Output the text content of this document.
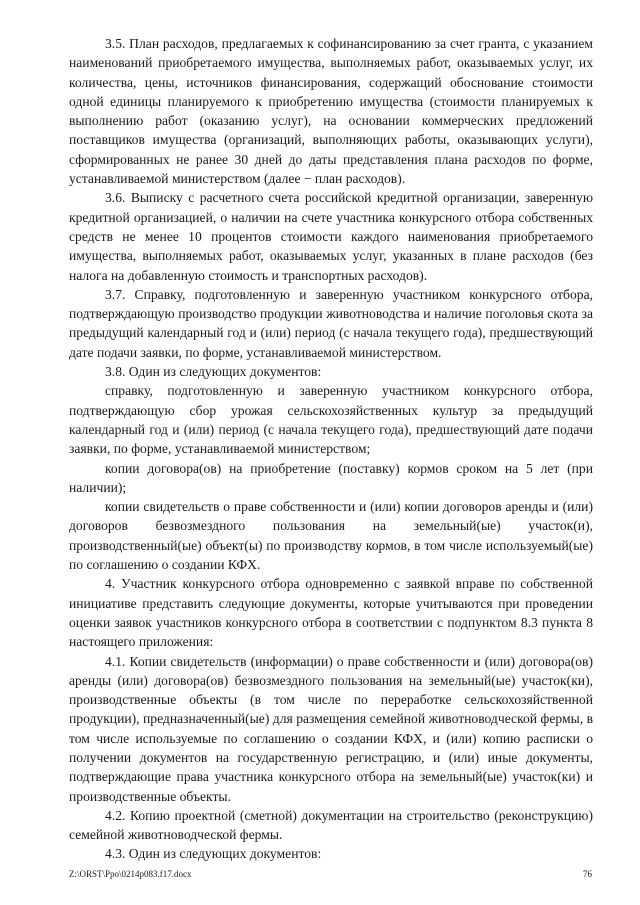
3.5. План расходов, предлагаемых к софинансированию за счет гранта, с указанием наименований приобретаемого имущества, выполняемых работ, оказываемых услуг, их количества, цены, источников финансирования, содержащий обоснование стоимости одной единицы планируемого к приобретению имущества (стоимости планируемых к выполнению работ (оказанию услуг), на основании коммерческих предложений поставщиков имущества (организаций, выполняющих работы, оказывающих услуги), сформированных не ранее 30 дней до даты представления плана расходов по форме, устанавливаемой министерством (далее − план расходов).

3.6. Выписку с расчетного счета российской кредитной организации, заверенную кредитной организацией, о наличии на счете участника конкурсного отбора собственных средств не менее 10 процентов стоимости каждого наименования приобретаемого имущества, выполняемых работ, оказываемых услуг, указанных в плане расходов (без налога на добавленную стоимость и транспортных расходов).

3.7. Справку, подготовленную и заверенную участником конкурсного отбора, подтверждающую производство продукции животноводства и наличие поголовья скота за предыдущий календарный год и (или) период (с начала текущего года), предшествующий дате подачи заявки, по форме, устанавливаемой министерством.

3.8. Один из следующих документов:

справку, подготовленную и заверенную участником конкурсного отбора, подтверждающую сбор урожая сельскохозяйственных культур за предыдущий календарный год и (или) период (с начала текущего года), предшествующий дате подачи заявки, по форме, устанавливаемой министерством;

копии договора(ов) на приобретение (поставку) кормов сроком на 5 лет (при наличии);

копии свидетельств о праве собственности и (или) копии договоров аренды и (или) договоров безвозмездного пользования на земельный(ые) участок(и), производственный(ые) объект(ы) по производству кормов, в том числе используемый(ые) по соглашению о создании КФХ.

4. Участник конкурсного отбора одновременно с заявкой вправе по собственной инициативе представить следующие документы, которые учитываются при проведении оценки заявок участников конкурсного отбора в соответствии с подпунктом 8.3 пункта 8 настоящего приложения:

4.1. Копии свидетельств (информации) о праве собственности и (или) договора(ов) аренды (или) договора(ов) безвозмездного пользования на земельный(ые) участок(ки), производственные объекты (в том числе по переработке сельскохозяйственной продукции), предназначенный(ые) для размещения семейной животноводческой фермы, в том числе используемые по соглашению о создании КФХ, и (или) копию расписки о получении документов на государственную регистрацию, и (или) иные документы, подтверждающие права участника конкурсного отбора на земельный(ые) участок(ки) и производственные объекты.

4.2. Копию проектной (сметной) документации на строительство (реконструкцию) семейной животноводческой фермы.

4.3. Один из следующих документов:

Z:\ORST\Ppo\0214p083.f17.docx	76
